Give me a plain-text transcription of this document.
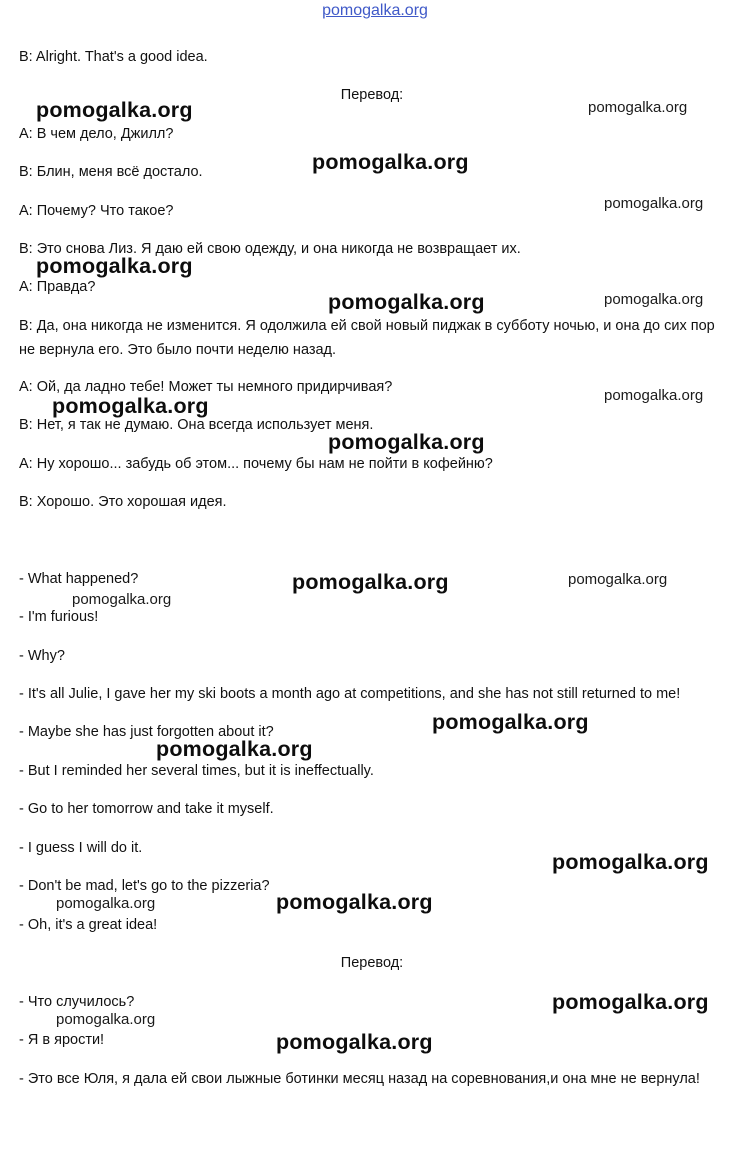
pomogalka.org
B: Alright. That's a good idea.
Перевод:
A: В чем дело, Джилл?
B: Блин, меня всё достало.
A: Почему? Что такое?
B: Это снова Лиз. Я даю ей свою одежду, и она никогда не возвращает их.
A: Правда?
B: Да, она никогда не изменится. Я одолжила ей свой новый пиджак в субботу ночью, и она до сих пор не вернула его. Это было почти неделю назад.
A: Ой, да ладно тебе! Может ты немного придирчивая?
B: Нет, я так не думаю. Она всегда использует меня.
A: Ну хорошо... забудь об этом... почему бы нам не пойти в кофейню?
B: Хорошо. Это хорошая идея.
- What happened?
- I'm furious!
- Why?
- It's all Julie, I gave her my ski boots a month ago at competitions, and she has not still returned to me!
- Maybe she has just forgotten about it?
- But I reminded her several times, but it is ineffectually.
- Go to her tomorrow and take it myself.
- I guess I will do it.
- Don't be mad, let's go to the pizzeria?
- Oh, it's a great idea!
Перевод:
- Что случилось?
- Я в ярости!
- Это все Юля, я дала ей свои лыжные ботинки месяц назад на соревнования,и она мне не вернула!
pomogalka.org	pomogalka.org
pomogalka.org
pomogalka.org
pomogalka.org
pomogalka.org	pomogalka.org
pomogalka.org	pomogalka.org
pomogalka.org
pomogalka.org	pomogalka.org
pomogalka.org
pomogalka.org
pomogalka.org
pomogalka.org
pomogalka.org	pomogalka.org
pomogalka.org
pomogalka.org
pomogalka.org
